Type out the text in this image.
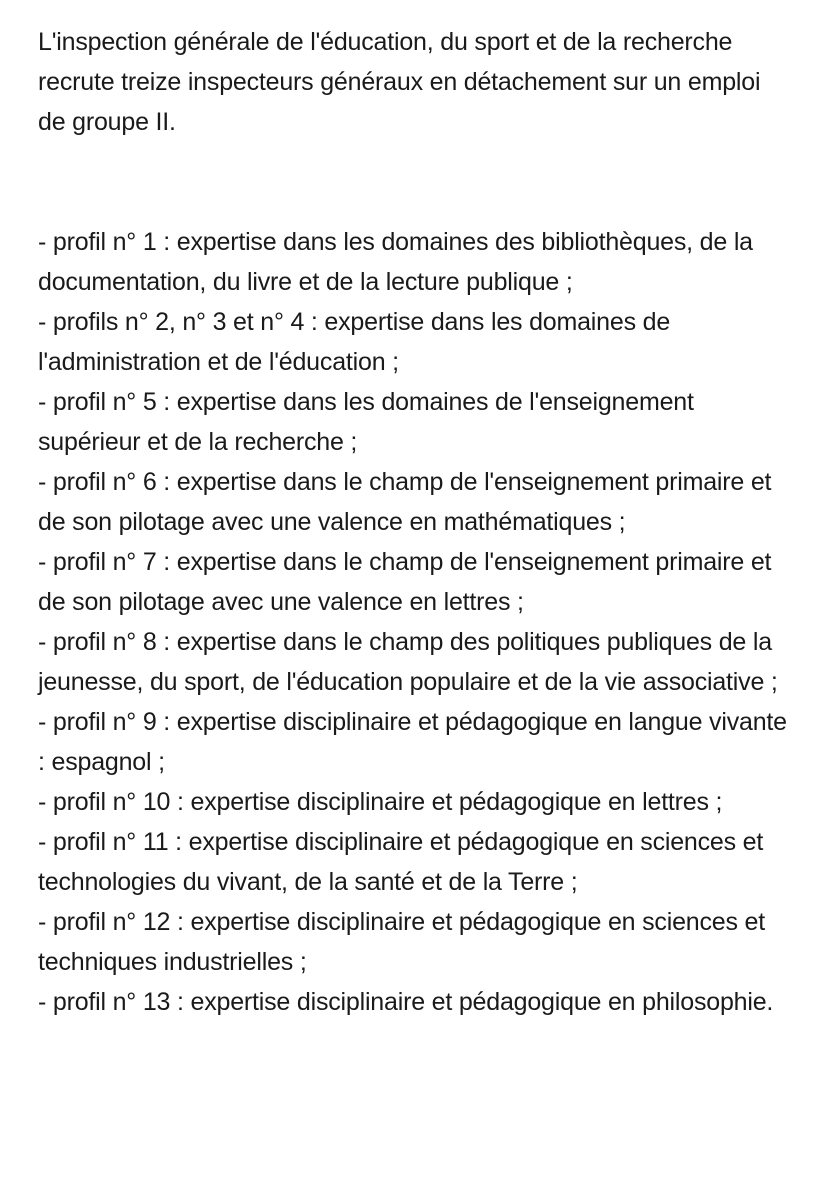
L'inspection générale de l'éducation, du sport et de la recherche recrute treize inspecteurs généraux en détachement sur un emploi de groupe II.

- profil n° 1 : expertise dans les domaines des bibliothèques, de la documentation, du livre et de la lecture publique ;
- profils n° 2, n° 3 et n° 4 : expertise dans les domaines de l'administration et de l'éducation ;
- profil n° 5 : expertise dans les domaines de l'enseignement supérieur et de la recherche ;
- profil n° 6 : expertise dans le champ de l'enseignement primaire et de son pilotage avec une valence en mathématiques ;
- profil n° 7 : expertise dans le champ de l'enseignement primaire et de son pilotage avec une valence en lettres ;
- profil n° 8 : expertise dans le champ des politiques publiques de la jeunesse, du sport, de l'éducation populaire et de la vie associative ;
- profil n° 9 : expertise disciplinaire et pédagogique en langue vivante : espagnol ;
- profil n° 10 : expertise disciplinaire et pédagogique en lettres ;
- profil n° 11 : expertise disciplinaire et pédagogique en sciences et technologies du vivant, de la santé et de la Terre ;
- profil n° 12 : expertise disciplinaire et pédagogique en sciences et techniques industrielles ;
- profil n° 13 : expertise disciplinaire et pédagogique en philosophie.
